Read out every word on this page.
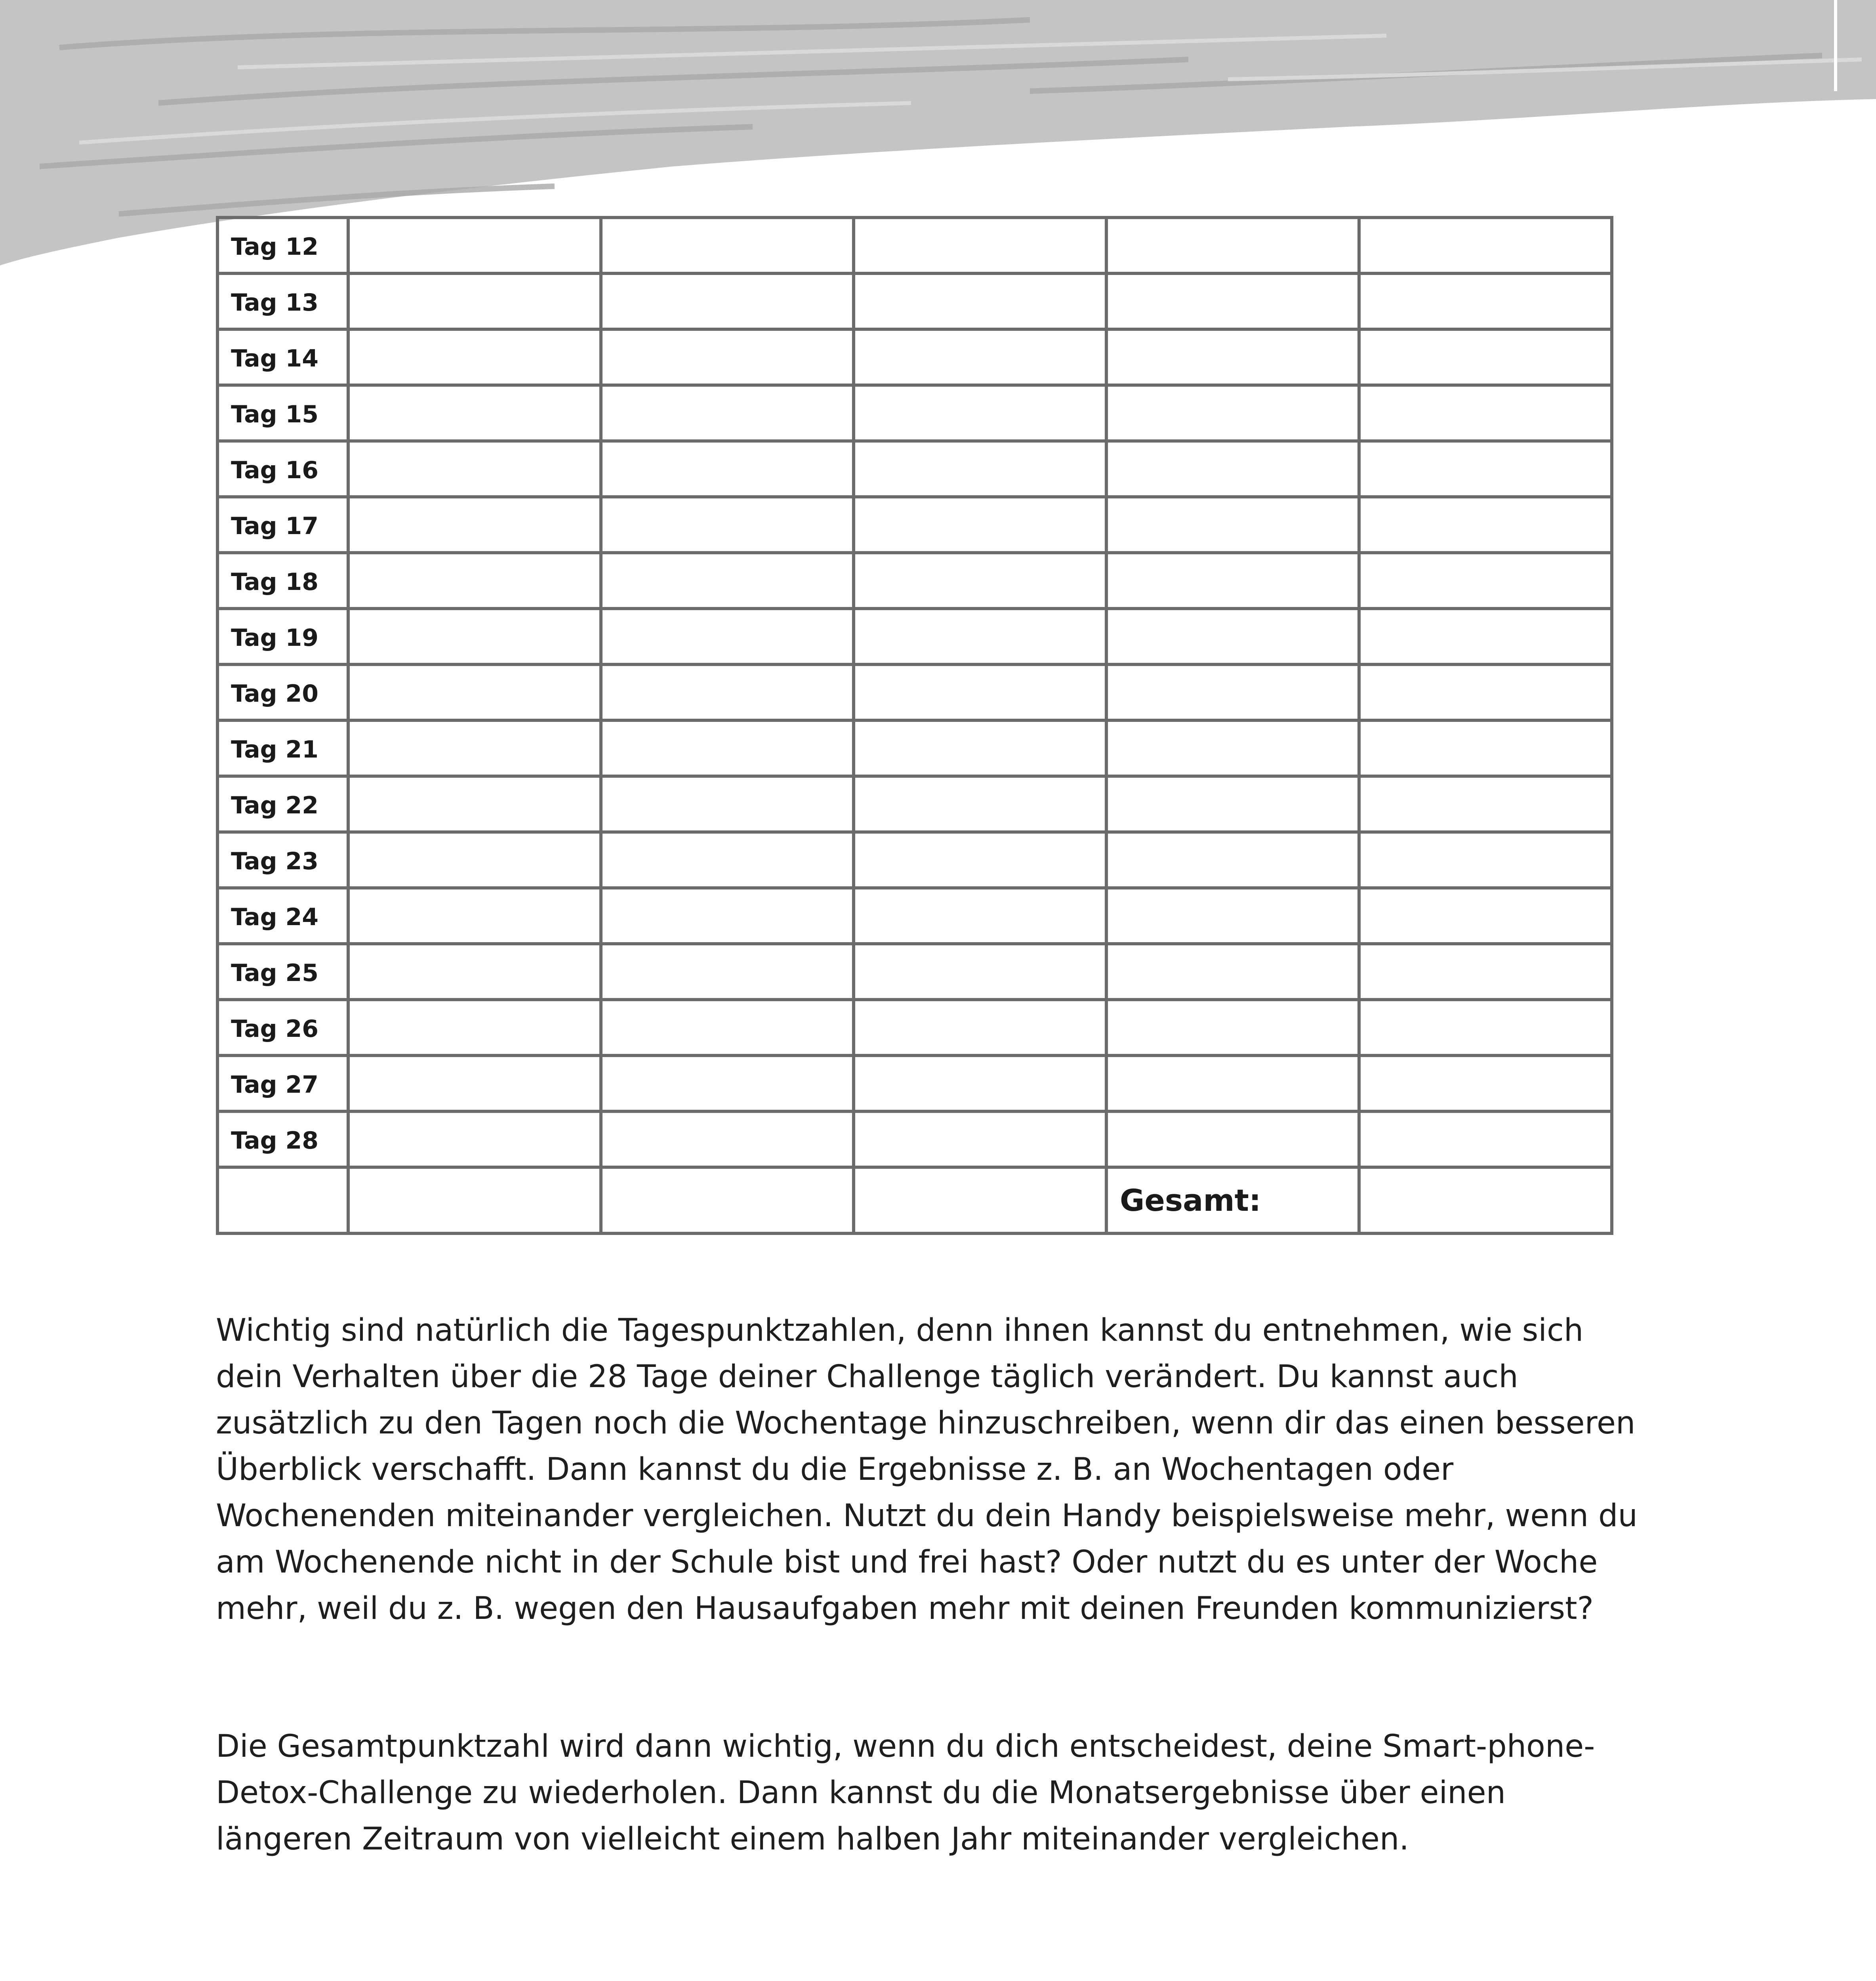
Tag 12					
Tag 13					
Tag 14					
Tag 15					
Tag 16					
Tag 17					
Tag 18					
Tag 19					
Tag 20					
Tag 21					
Tag 22					
Tag 23					
Tag 24					
Tag 25					
Tag 26					
Tag 27					
Tag 28					
				Gesamt:	

Wichtig sind natürlich die Tagespunktzahlen, denn ihnen kannst du entnehmen, wie sich dein Verhalten über die 28 Tage deiner Challenge täglich verändert. Du kannst auch zusätzlich zu den Tagen noch die Wochentage hinzuschreiben, wenn dir das einen besseren Überblick verschafft. Dann kannst du die Ergebnisse z. B. an Wochentagen oder Wochenenden miteinander vergleichen. Nutzt du dein Handy beispielsweise mehr, wenn du am Wochenende nicht in der Schule bist und frei hast? Oder nutzt du es unter der Woche mehr, weil du z. B. wegen den Hausaufgaben mehr mit deinen Freunden kommunizierst?

Die Gesamtpunktzahl wird dann wichtig, wenn du dich entscheidest, deine Smart-phone-Detox-Challenge zu wiederholen. Dann kannst du die Monatsergebnisse über einen längeren Zeitraum von vielleicht einem halben Jahr miteinander vergleichen.
